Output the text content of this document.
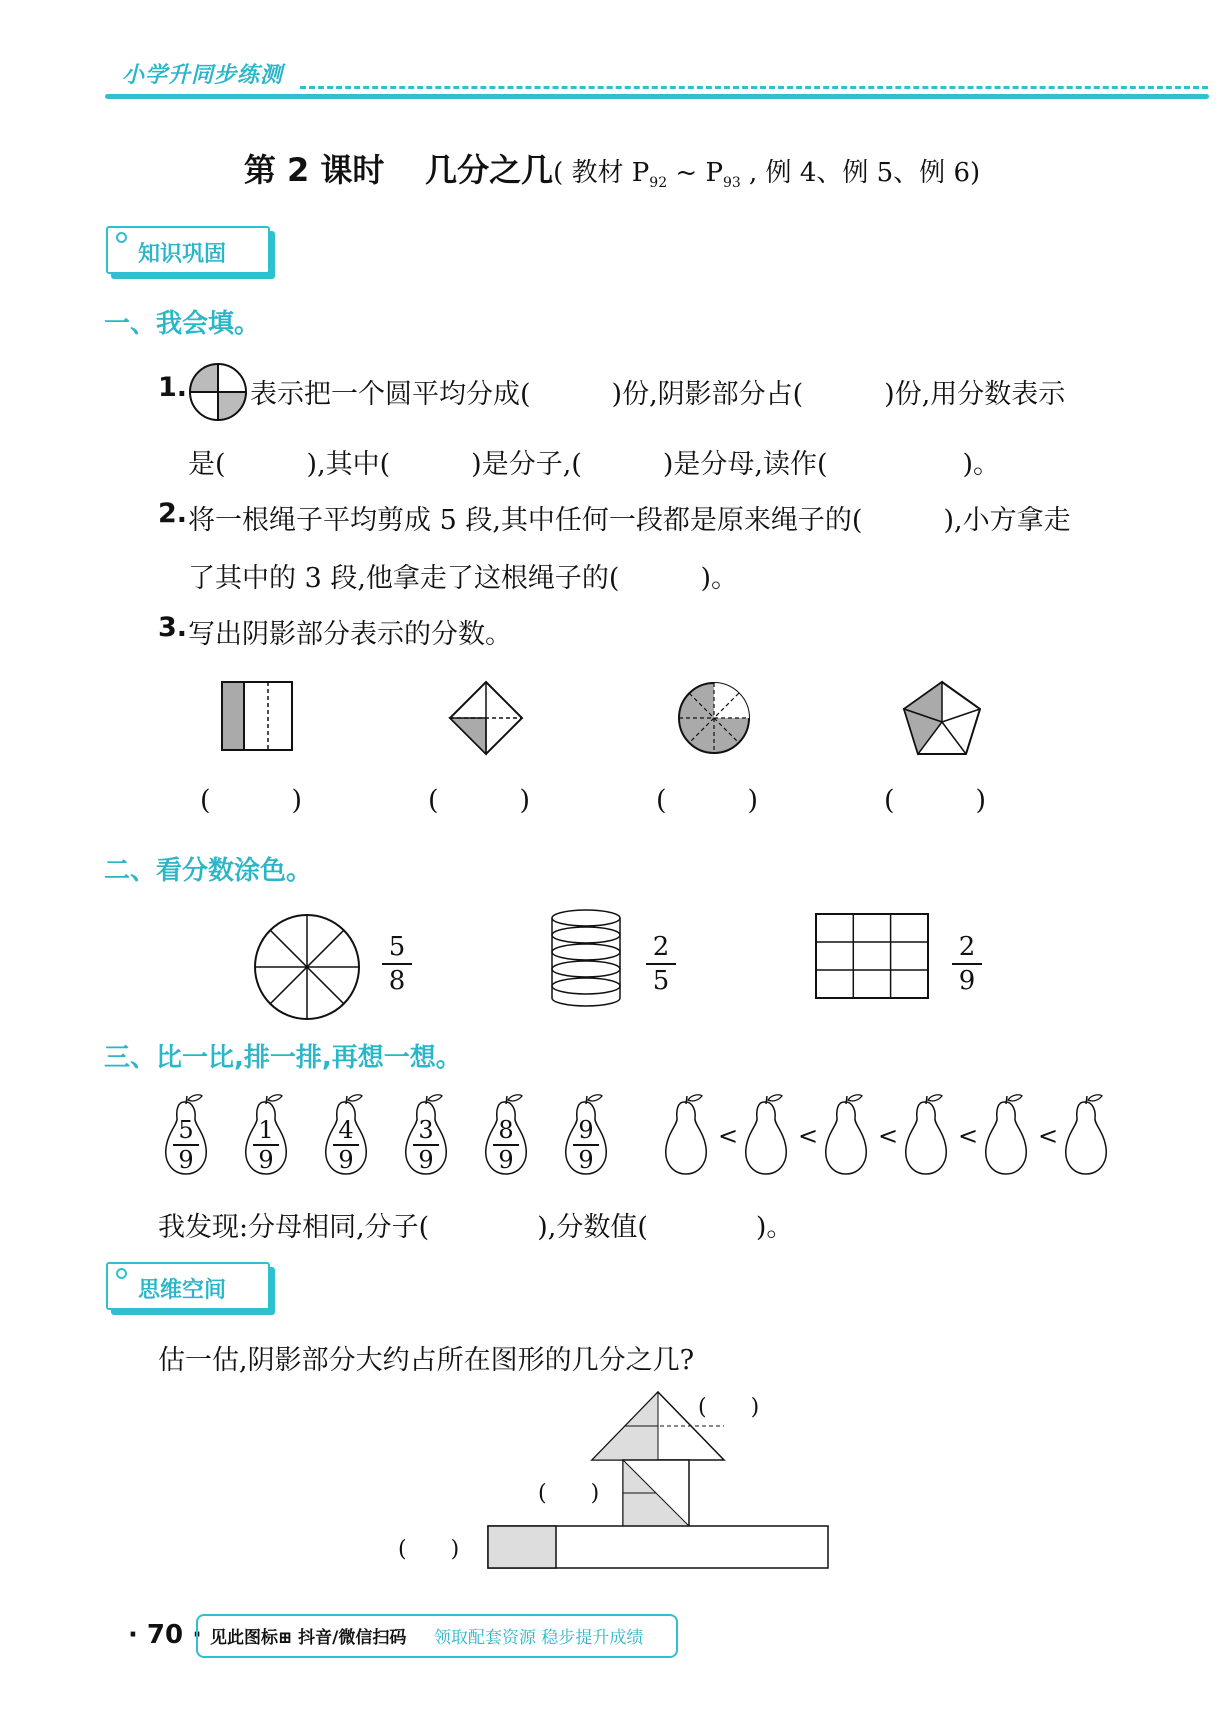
小学升同步练测
第 2 课时 几分之几( 教材 $P_{92}$ ~ $P_{93}$ , 例 4、例 5、例 6)
知识巩固
一、我会填。
1. 表示把一个圆平均分成(　　　)份,阴影部分占(　　　)份,用分数表示
是(　　　),其中(　　　)是分子,(　　　)是分母,读作(　　　　　)。
2. 将一根绳子平均剪成 5 段,其中任何一段都是原来绳子的(　　　),小方拿走
了其中的 3 段,他拿走了这根绳子的(　　　)。
3. 写出阴影部分表示的分数。
(　　　)	(　　　)	(　　　)	(　　　)
二、看分数涂色。
5
8
2
5
2
9
三、比一比,排一排,再想一想。
5
9
1
9
4
9
3
9
8
9
9
9
< < < < <
我发现:分母相同,分子(　　　　),分数值(　　　　)。
思维空间
估一估,阴影部分大约占所在图形的几分之几?
(　　)
(　　)
(　　)
· 70 · 见此图标⊞ 抖音/微信扫码 领取配套资源 稳步提升成绩
